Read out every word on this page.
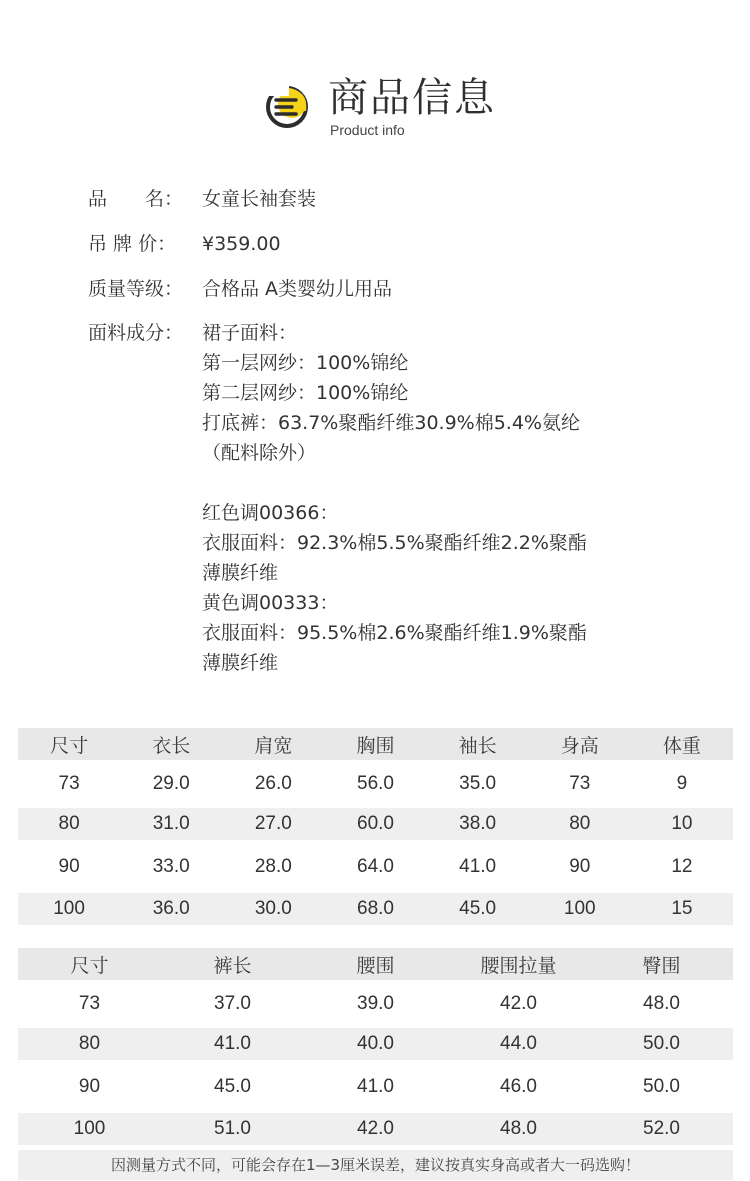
商品信息
Product info
品　　名： 女童长袖套装
吊 牌 价：	¥359.00
质量等级： 合格品 A类婴幼儿用品
面料成分： 裙子面料：
第一层网纱：100%锦纶
第二层网纱：100%锦纶
打底裤：63.7%聚酯纤维30.9%棉5.4%氨纶
（配料除外）
红色调00366：
衣服面料：92.3%棉5.5%聚酯纤维2.2%聚酯
薄膜纤维
黄色调00333：
衣服面料：95.5%棉2.6%聚酯纤维1.9%聚酯
薄膜纤维
尺寸	衣长	肩宽	胸围	袖长	身高	体重
73	29.0	26.0	56.0	35.0	73	9
80	31.0	27.0	60.0	38.0	80	10
90	33.0	28.0	64.0	41.0	90	12
100	36.0	30.0	68.0	45.0	100	15
尺寸	裤长	腰围	腰围拉量	臀围
73	37.0	39.0	42.0	48.0
80	41.0	40.0	44.0	50.0
90	45.0	41.0	46.0	50.0
100	51.0	42.0	48.0	52.0
因测量方式不同，可能会存在1—3厘米误差，建议按真实身高或者大一码选购！
